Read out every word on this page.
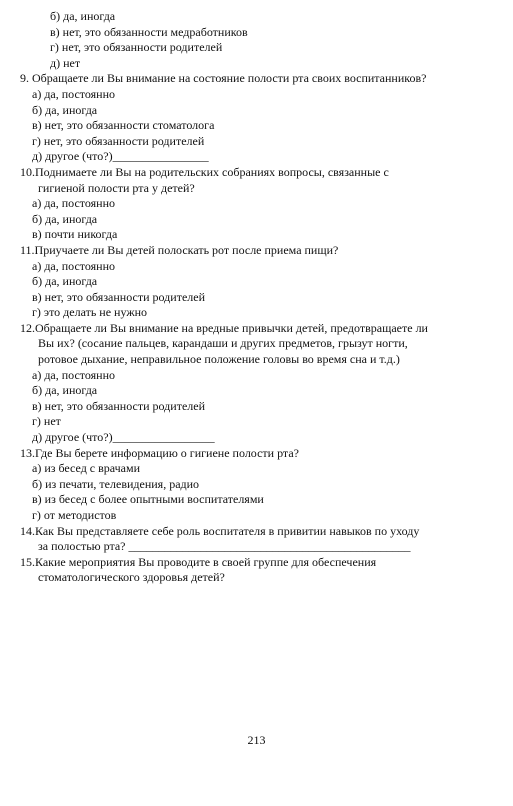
б) да, иногда
в) нет, это обязанности медработников
г) нет, это обязанности родителей
д) нет
9. Обращаете ли Вы внимание на состояние полости рта своих воспитанников?
а) да, постоянно
б) да, иногда
в) нет, это обязанности стоматолога
г) нет, это обязанности родителей
д) другое (что?)________________
10.Поднимаете ли Вы на родительских собраниях вопросы, связанные с
гигиеной полости рта у детей?
а) да, постоянно
б) да, иногда
в) почти никогда
11.Приучаете ли Вы детей полоскать рот после приема пищи?
а) да, постоянно
б) да, иногда
в) нет, это обязанности родителей
г) это делать не нужно
12.Обращаете ли Вы внимание на вредные привычки детей, предотвращаете ли
Вы их? (сосание пальцев, карандаши и других предметов, грызут ногти,
ротовое дыхание, неправильное положение головы во время сна и т.д.)
а) да, постоянно
б) да, иногда
в) нет, это обязанности родителей
г) нет
д) другое (что?)_________________
13.Где Вы берете информацию о гигиене полости рта?
а) из бесед с врачами
б) из печати, телевидения, радио
в) из бесед с более опытными воспитателями
г) от методистов
14.Как Вы представляете себе роль воспитателя в привитии навыков по уходу
за полостью рта? _______________________________________________
15.Какие мероприятия Вы проводите в своей группе для обеспечения
стоматологического здоровья детей?
213
